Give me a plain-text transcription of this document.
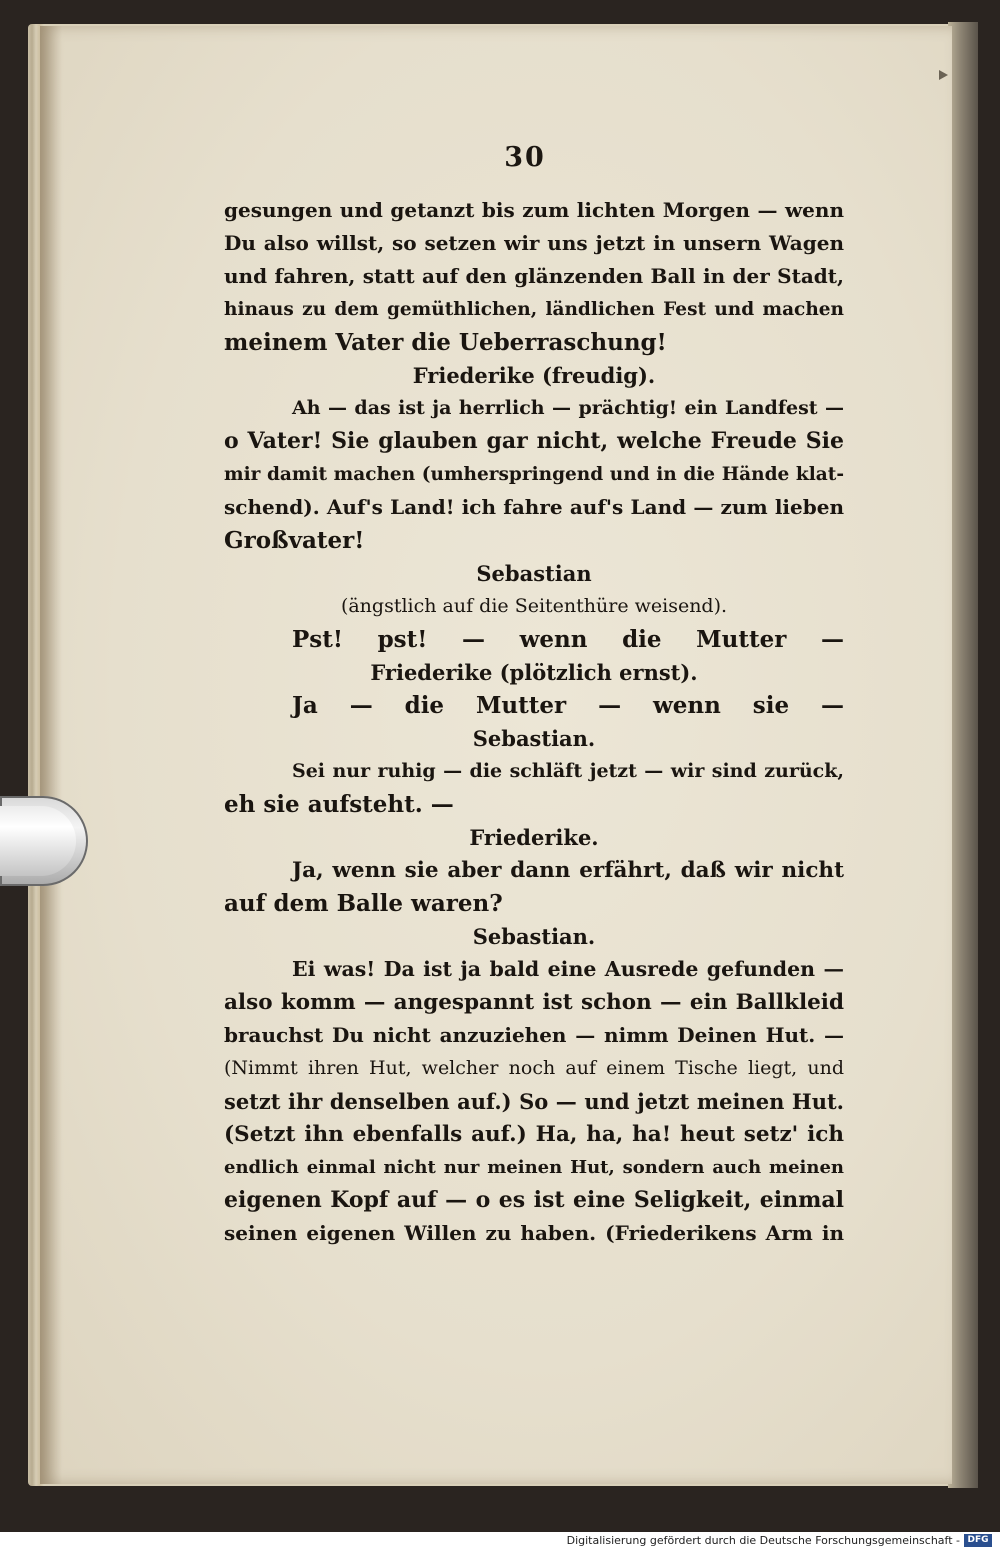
30
gesungen und getanzt bis zum lichten Morgen — wenn
Du also willst, so setzen wir uns jetzt in unsern Wagen
und fahren, statt auf den glänzenden Ball in der Stadt,
hinaus zu dem gemüthlichen, ländlichen Fest und machen
meinem Vater die Ueberraschung!
Friederike (freudig).
Ah — das ist ja herrlich — prächtig! ein Landfest —
o Vater! Sie glauben gar nicht, welche Freude Sie
mir damit machen (umherspringend und in die Hände klat-
schend). Auf's Land! ich fahre auf's Land — zum lieben
Großvater!
Sebastian
(ängstlich auf die Seitenthüre weisend).
Pst! pst! — wenn die Mutter —
Friederike (plötzlich ernst).
Ja — die Mutter — wenn sie —
Sebastian.
Sei nur ruhig — die schläft jetzt — wir sind zurück,
eh sie aufsteht. —
Friederike.
Ja, wenn sie aber dann erfährt, daß wir nicht
auf dem Balle waren?
Sebastian.
Ei was! Da ist ja bald eine Ausrede gefunden —
also komm — angespannt ist schon — ein Ballkleid
brauchst Du nicht anzuziehen — nimm Deinen Hut. —
(Nimmt ihren Hut, welcher noch auf einem Tische liegt, und
setzt ihr denselben auf.) So — und jetzt meinen Hut.
(Setzt ihn ebenfalls auf.) Ha, ha, ha! heut setz' ich
endlich einmal nicht nur meinen Hut, sondern auch meinen
eigenen Kopf auf — o es ist eine Seligkeit, einmal
seinen eigenen Willen zu haben. (Friederikens Arm in
Digitalisierung gefördert durch die Deutsche Forschungsgemeinschaft - DFG
